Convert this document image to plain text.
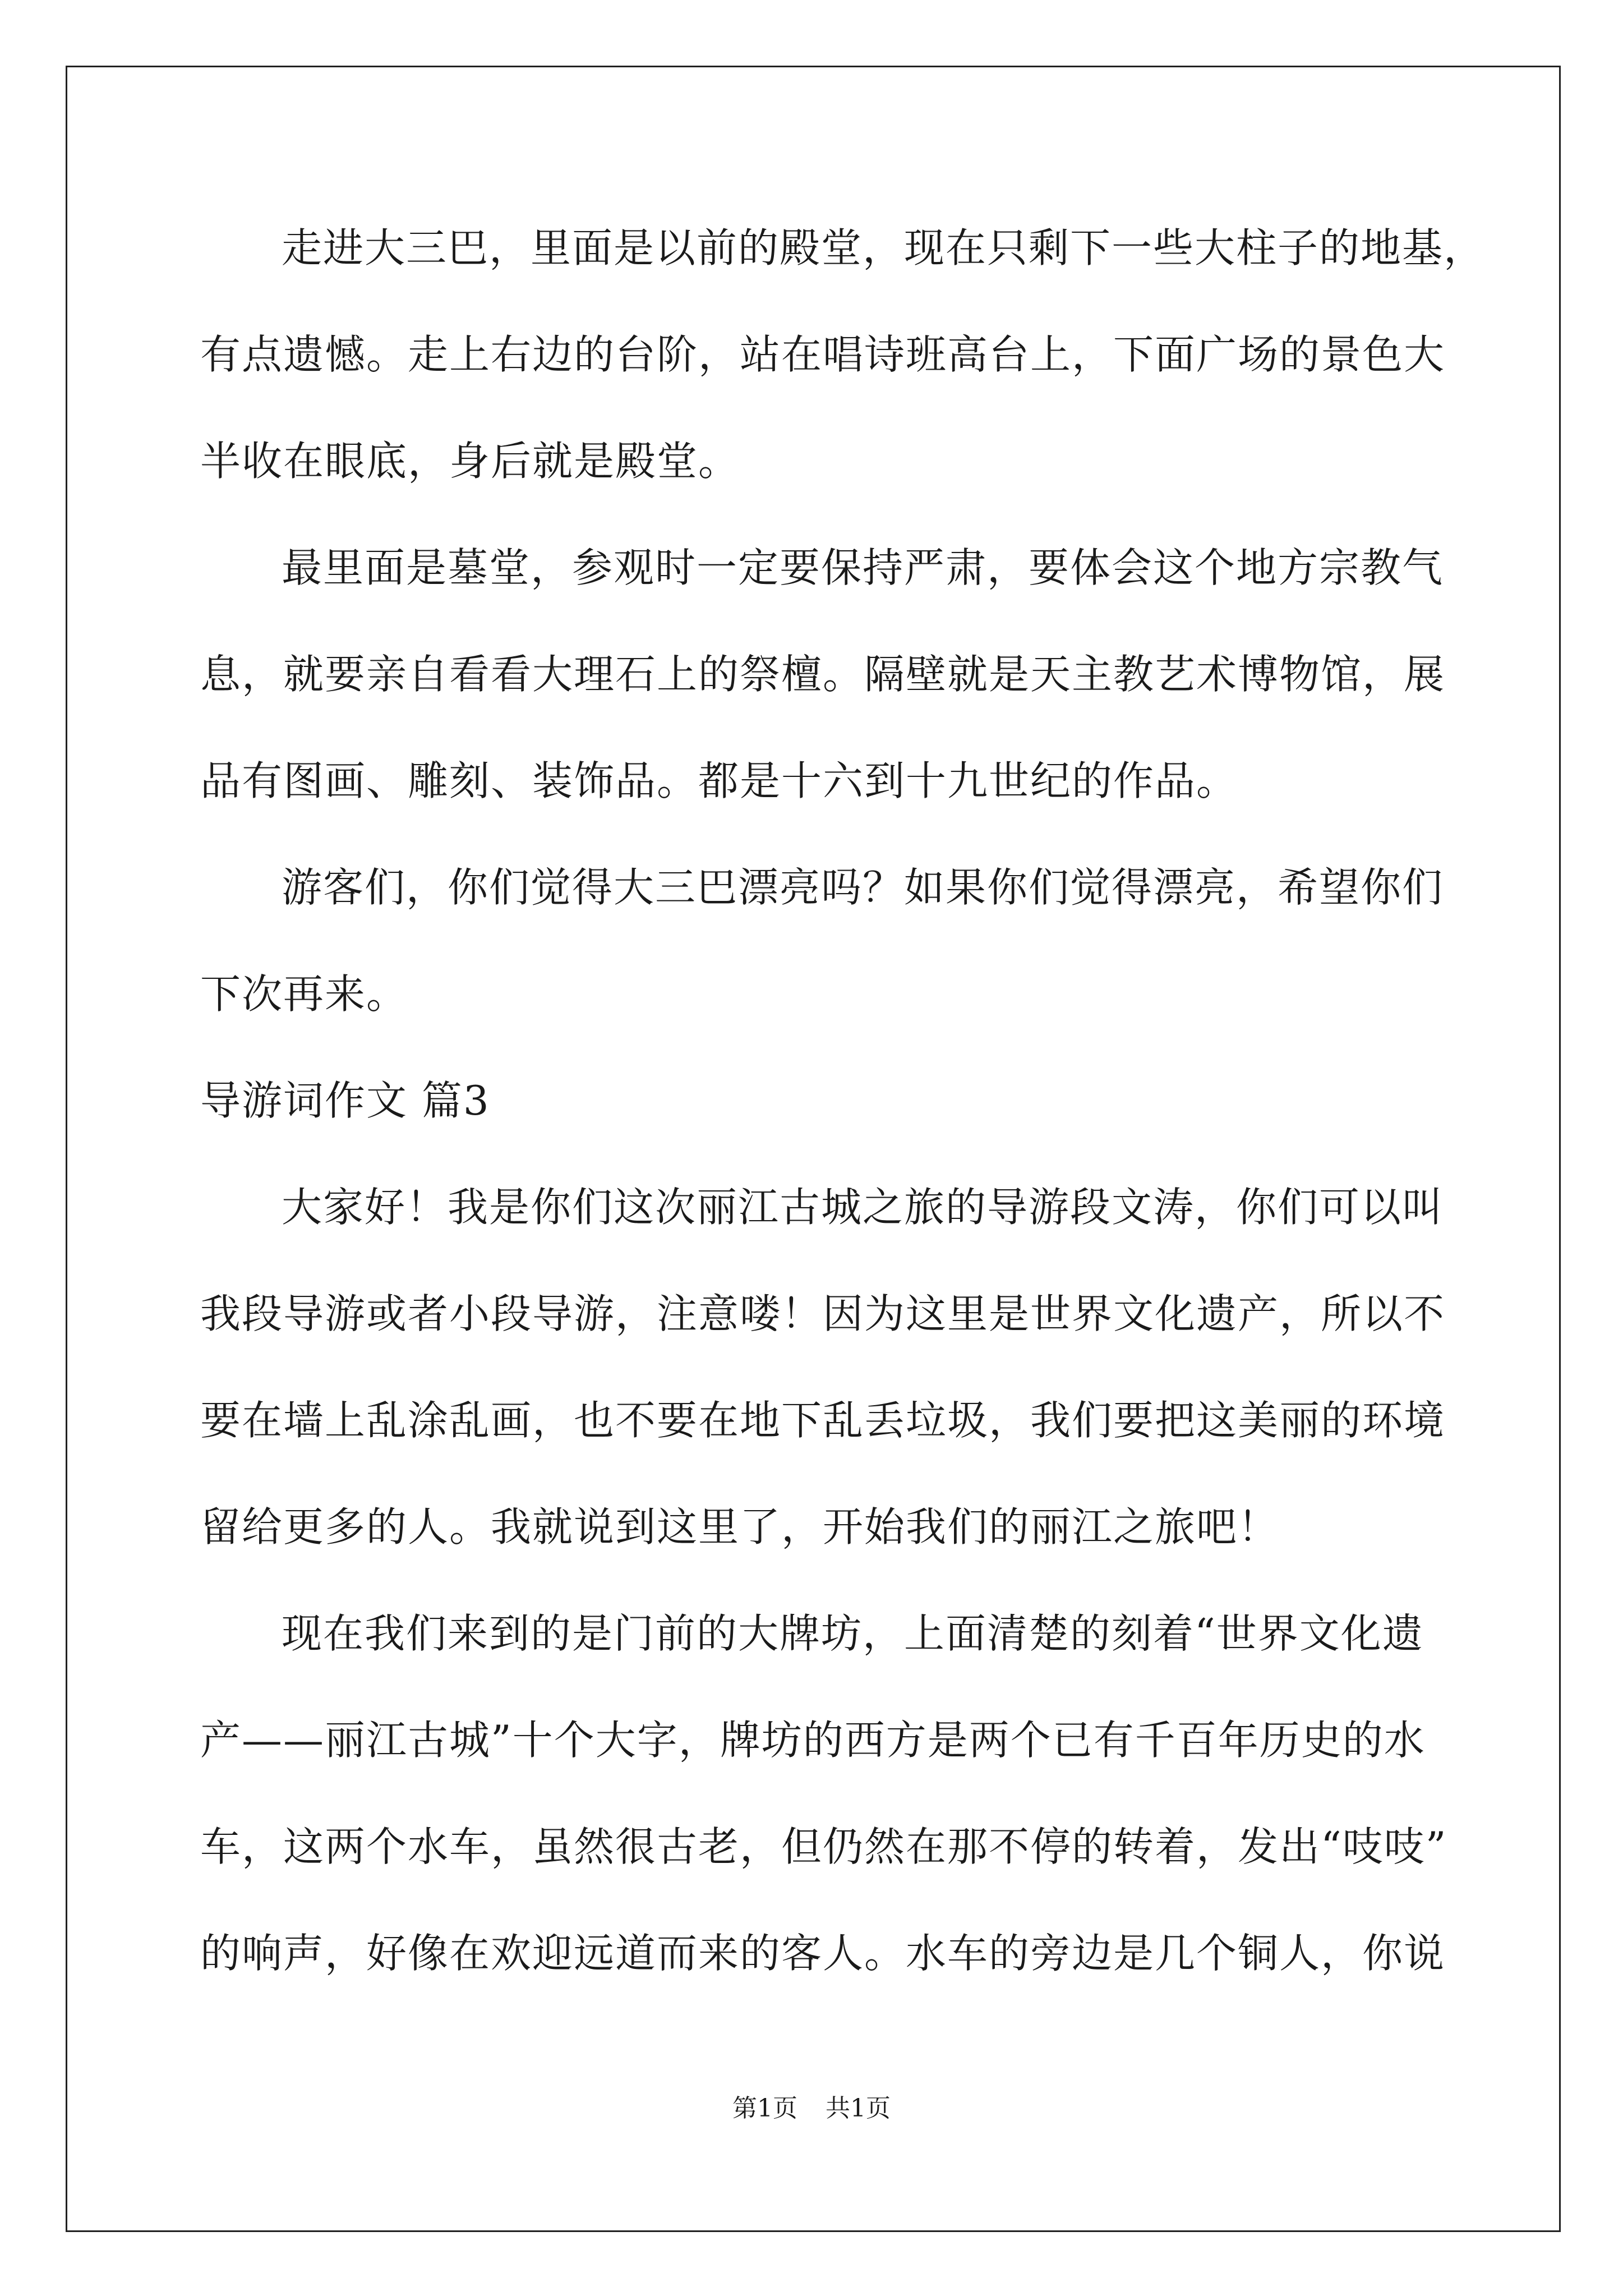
走进大三巴，里面是以前的殿堂，现在只剩下一些大柱子的地基，
有点遗憾。走上右边的台阶，站在唱诗班高台上，下面广场的景色大
半收在眼底，身后就是殿堂。
最里面是墓堂，参观时一定要保持严肃，要体会这个地方宗教气
息，就要亲自看看大理石上的祭檀。隔壁就是天主教艺术博物馆，展
品有图画、雕刻、装饰品。都是十六到十九世纪的作品。
游客们，你们觉得大三巴漂亮吗？如果你们觉得漂亮，希望你们
下次再来。
导游词作文 篇3
大家好！我是你们这次丽江古城之旅的导游段文涛，你们可以叫
我段导游或者小段导游，注意喽！因为这里是世界文化遗产，所以不
要在墙上乱涂乱画，也不要在地下乱丢垃圾，我们要把这美丽的环境
留给更多的人。我就说到这里了，开始我们的丽江之旅吧！
现在我们来到的是门前的大牌坊，上面清楚的刻着“世界文化遗
产——丽江古城”十个大字，牌坊的西方是两个已有千百年历史的水
车，这两个水车，虽然很古老，但仍然在那不停的转着，发出“吱吱”
的响声，好像在欢迎远道而来的客人。水车的旁边是几个铜人，你说
第1页 共1页
